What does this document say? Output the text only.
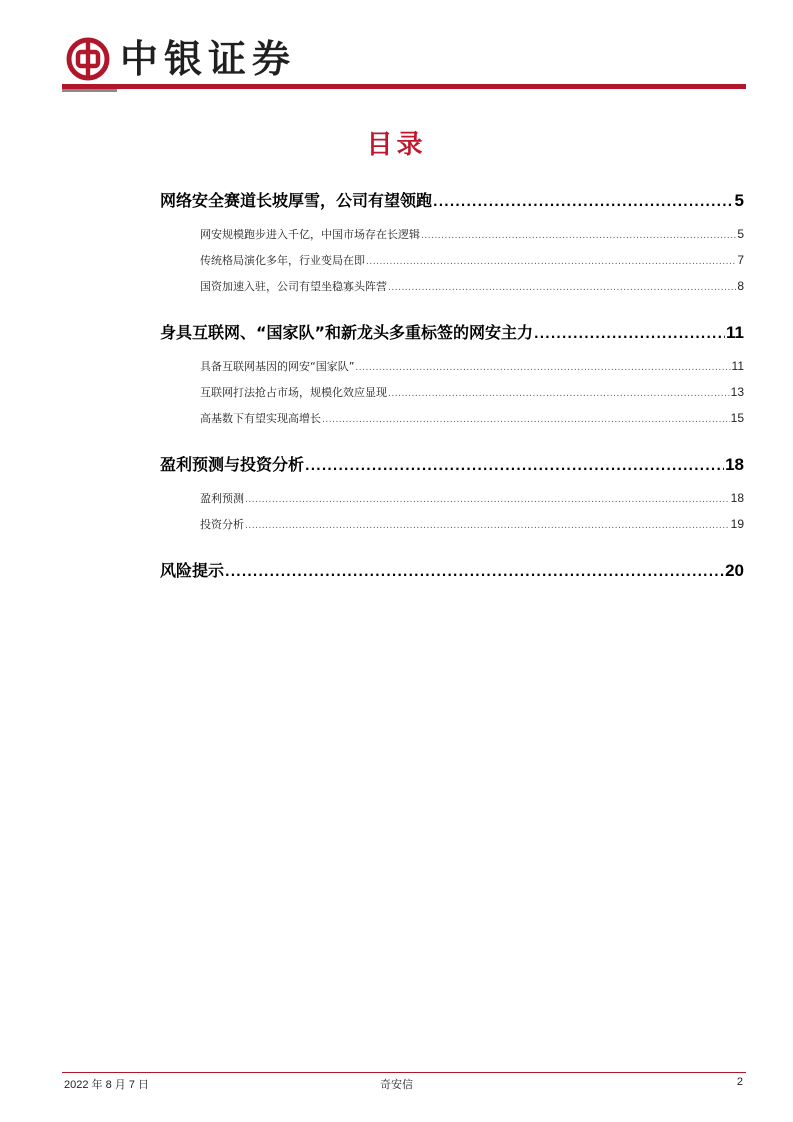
中银证券
目录
网络安全赛道长坡厚雪，公司有望领跑 .....	5
网安规模跑步进入千亿，中国市场存在长逻辑 .....	5
传统格局演化多年，行业变局在即 .....	7
国资加速入驻，公司有望坐稳寡头阵营 .....	8
身具互联网、“国家队”和新龙头多重标签的网安主力 .....	11
具备互联网基因的网安“国家队” .....	11
互联网打法抢占市场，规模化效应显现 .....	13
高基数下有望实现高增长 .....	15
盈利预测与投资分析 .....	18
盈利预测 .....	18
投资分析 .....	19
风险提示 .....	20
2022 年 8 月 7 日	奇安信	2
